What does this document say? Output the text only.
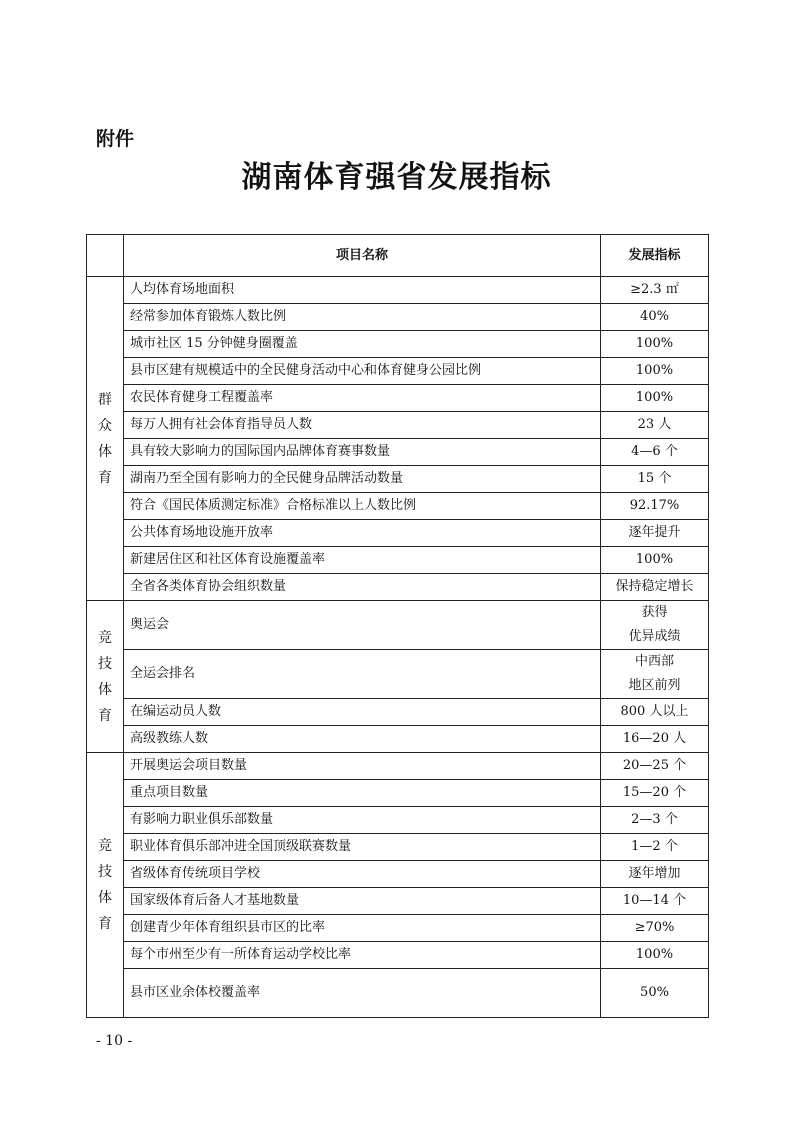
附件
湖南体育强省发展指标
	项目名称	发展指标
群
众
体
育	人均体育场地面积	≥2.3 ㎡
	经常参加体育锻炼人数比例	40%
	城市社区 15 分钟健身圈覆盖	100%
	县市区建有规模适中的全民健身活动中心和体育健身公园比例	100%
	农民体育健身工程覆盖率	100%
	每万人拥有社会体育指导员人数	23 人
	具有较大影响力的国际国内品牌体育赛事数量	4—6 个
	湖南乃至全国有影响力的全民健身品牌活动数量	15 个
	符合《国民体质测定标准》合格标准以上人数比例	92.17%
	公共体育场地设施开放率	逐年提升
	新建居住区和社区体育设施覆盖率	100%
	全省各类体育协会组织数量	保持稳定增长
竞
技
体
育	奥运会	获得
优异成绩
	全运会排名	中西部
地区前列
	在编运动员人数	800 人以上
	高级教练人数	16—20 人
竞
技
体
育	开展奥运会项目数量	20—25 个
	重点项目数量	15—20 个
	有影响力职业俱乐部数量	2—3 个
	职业体育俱乐部冲进全国顶级联赛数量	1—2 个
	省级体育传统项目学校	逐年增加
	国家级体育后备人才基地数量	10—14 个
	创建青少年体育组织县市区的比率	≥70%
	每个市州至少有一所体育运动学校比率	100%
	县市区业余体校覆盖率	50%
- 10 -
